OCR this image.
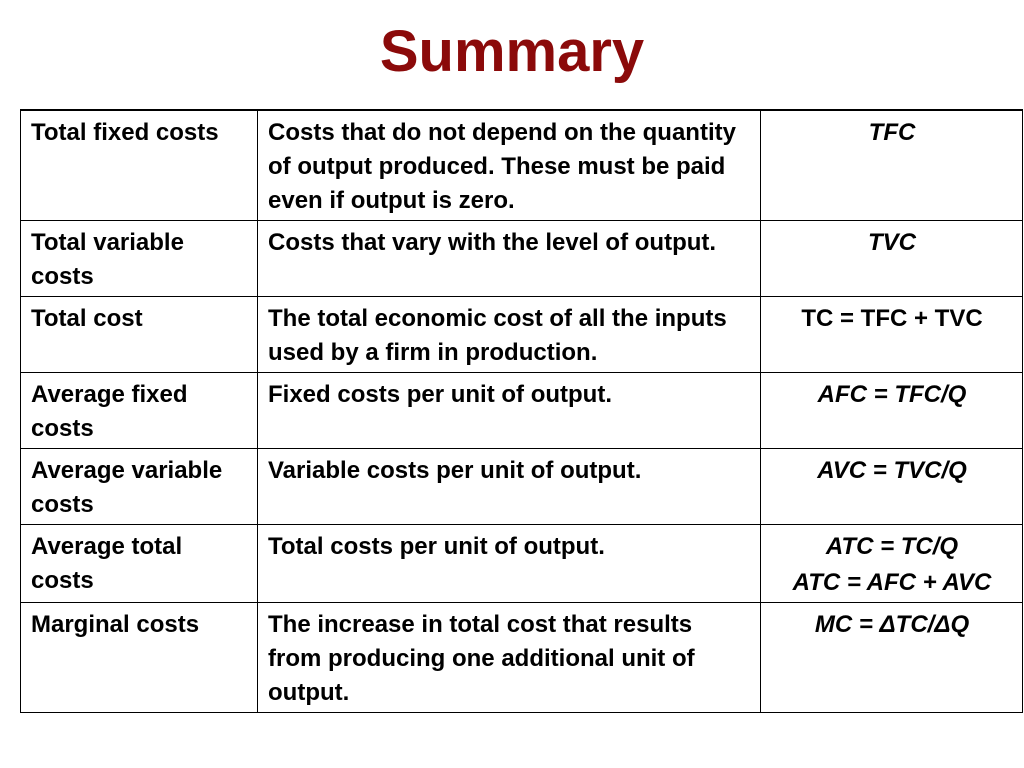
Summary
Total fixed costs	Costs that do not depend on the quantity of output produced. These must be paid even if output is zero.	TFC

Total variable costs	Costs that vary with the level of output.	TVC

Total cost	The total economic cost of all the inputs used by a firm in production.	TC = TFC + TVC

Average fixed costs	Fixed costs per unit of output.	AFC = TFC/Q

Average variable costs	Variable costs per unit of output.	AVC = TVC/Q

Average total costs	Total costs per unit of output.	ATC = TC/Q
ATC = AFC + AVC

Marginal costs	The increase in total cost that results from producing one additional unit of output.	MC = ΔTC/ΔQ
